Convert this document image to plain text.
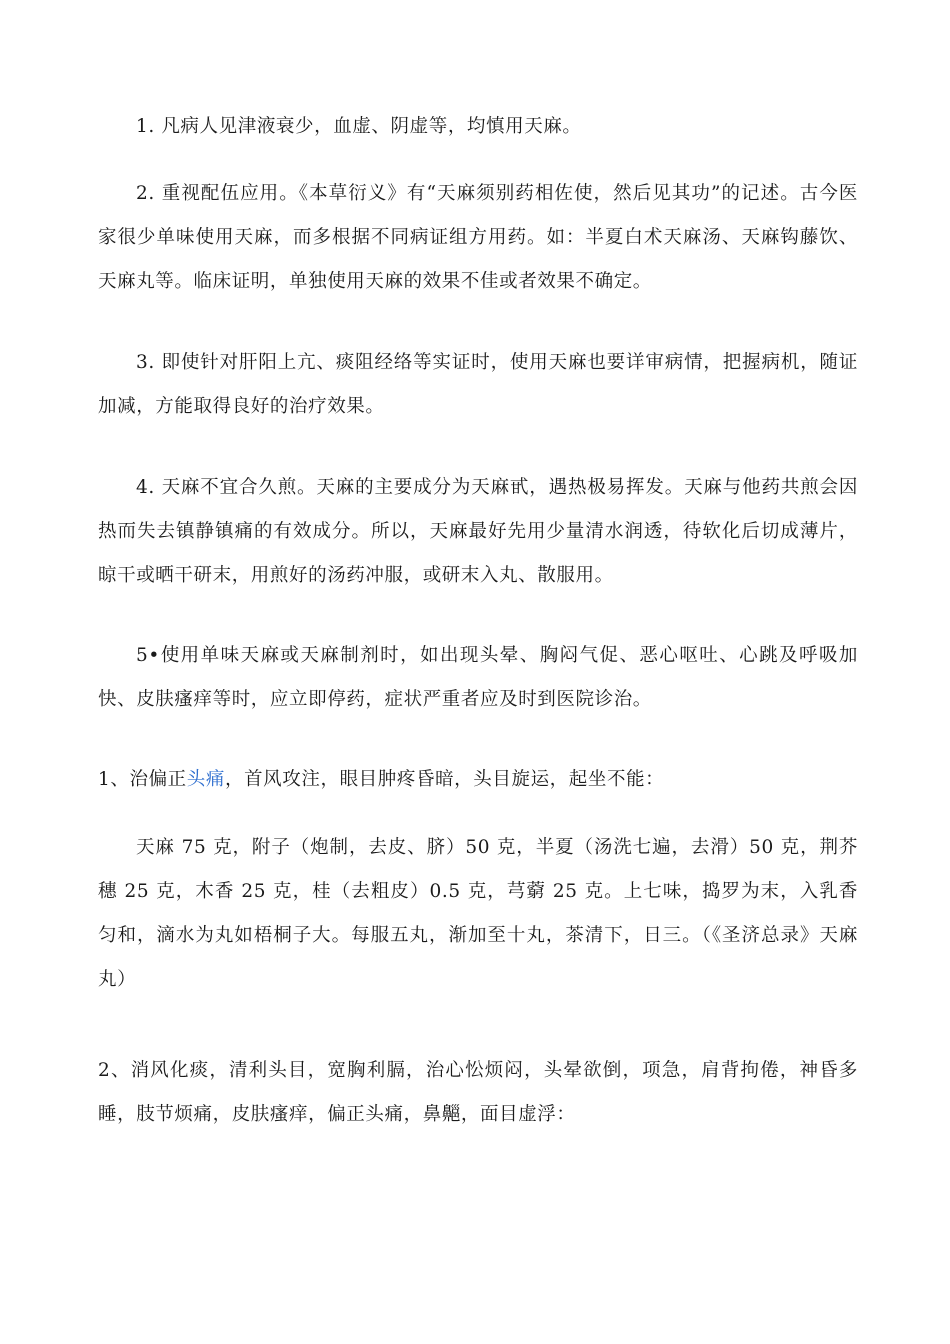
1. 凡病人见津液衰少，血虚、阴虚等，均慎用天麻。

2. 重视配伍应用。《本草衍义》有“天麻须别药相佐使，然后见其功”的记述。古今医家很少单味使用天麻，而多根据不同病证组方用药。如：半夏白术天麻汤、天麻钩藤饮、天麻丸等。临床证明，单独使用天麻的效果不佳或者效果不确定。

3. 即使针对肝阳上亢、痰阻经络等实证时，使用天麻也要详审病情，把握病机，随证加减，方能取得良好的治疗效果。

4. 天麻不宜合久煎。天麻的主要成分为天麻甙，遇热极易挥发。天麻与他药共煎会因热而失去镇静镇痛的有效成分。所以，天麻最好先用少量清水润透，待软化后切成薄片，晾干或晒干研末，用煎好的汤药冲服，或研末入丸、散服用。

5•使用单味天麻或天麻制剂时，如出现头晕、胸闷气促、恶心呕吐、心跳及呼吸加快、皮肤瘙痒等时，应立即停药，症状严重者应及时到医院诊治。

1、治偏正头痛，首风攻注，眼目肿疼昏暗，头目旋运，起坐不能：

天麻 75 克，附子（炮制，去皮、脐）50 克，半夏（汤洗七遍，去滑）50 克，荆芥穗 25 克，木香 25 克，桂（去粗皮）0.5 克，芎藭 25 克。上七味，捣罗为末，入乳香匀和，滴水为丸如梧桐子大。每服五丸，渐加至十丸，茶清下，日三。（《圣济总录》天麻丸）

2、消风化痰，清利头目，宽胸利膈，治心忪烦闷，头晕欲倒，项急，肩背拘倦，神昏多睡，肢节烦痛，皮肤瘙痒，偏正头痛，鼻齆，面目虚浮：
